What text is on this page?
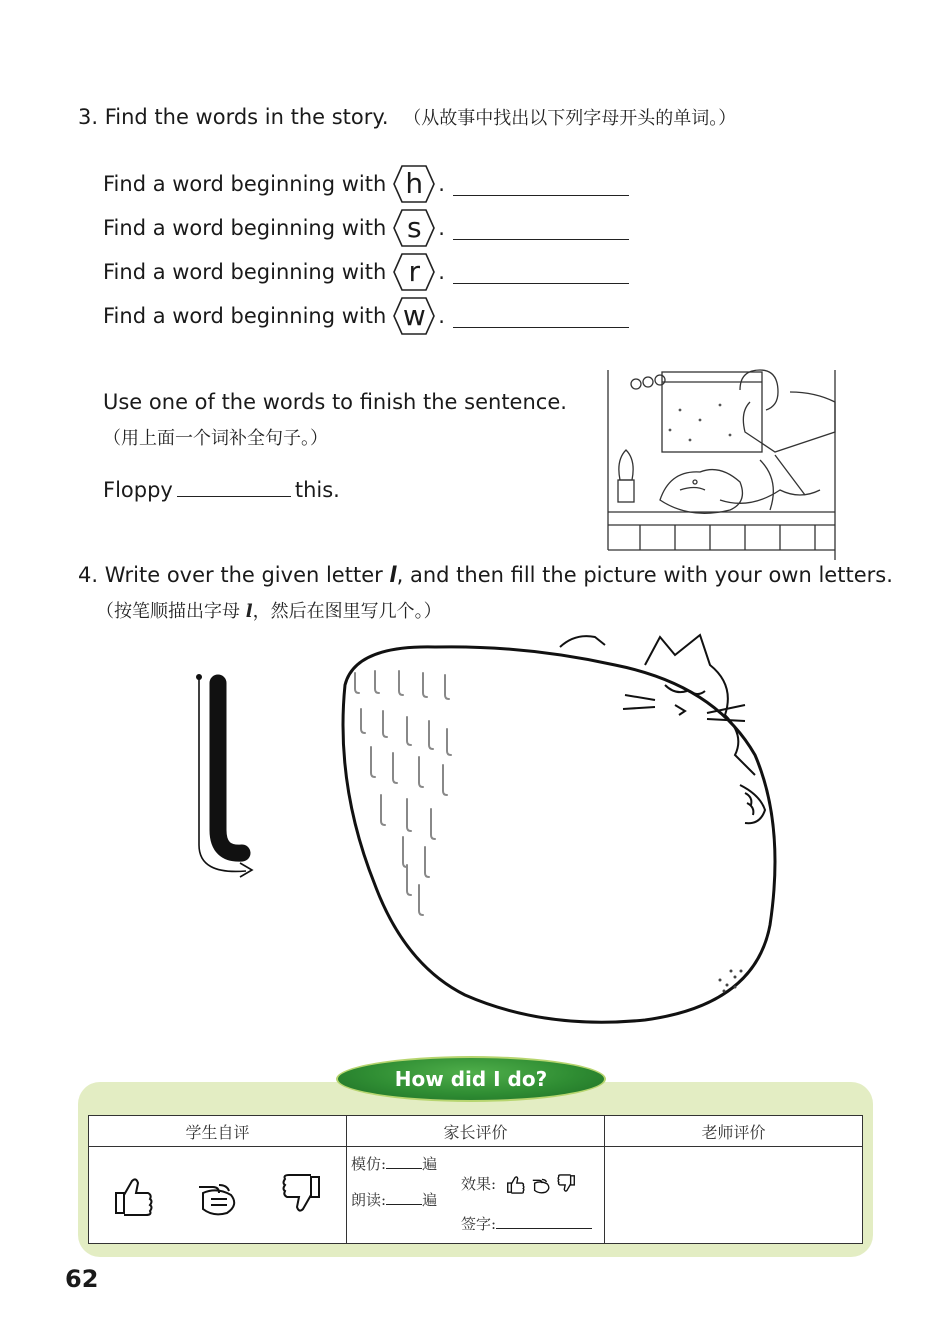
3. Find the words in the story. （从故事中找出以下列字母开头的单词。）
Find a word beginning with h .
Find a word beginning with s .
Find a word beginning with r .
Find a word beginning with w .
Use one of the words to finish the sentence.
（用上面一个词补全句子。）
Floppy	this.
4. Write over the given letter l, and then fill the picture with your own letters.
（按笔顺描出字母 l，然后在图里写几个。）
How did I do?
学生自评	家长评价	老师评价

模仿: 遍
朗读: 遍
效果:
签字:	

62
